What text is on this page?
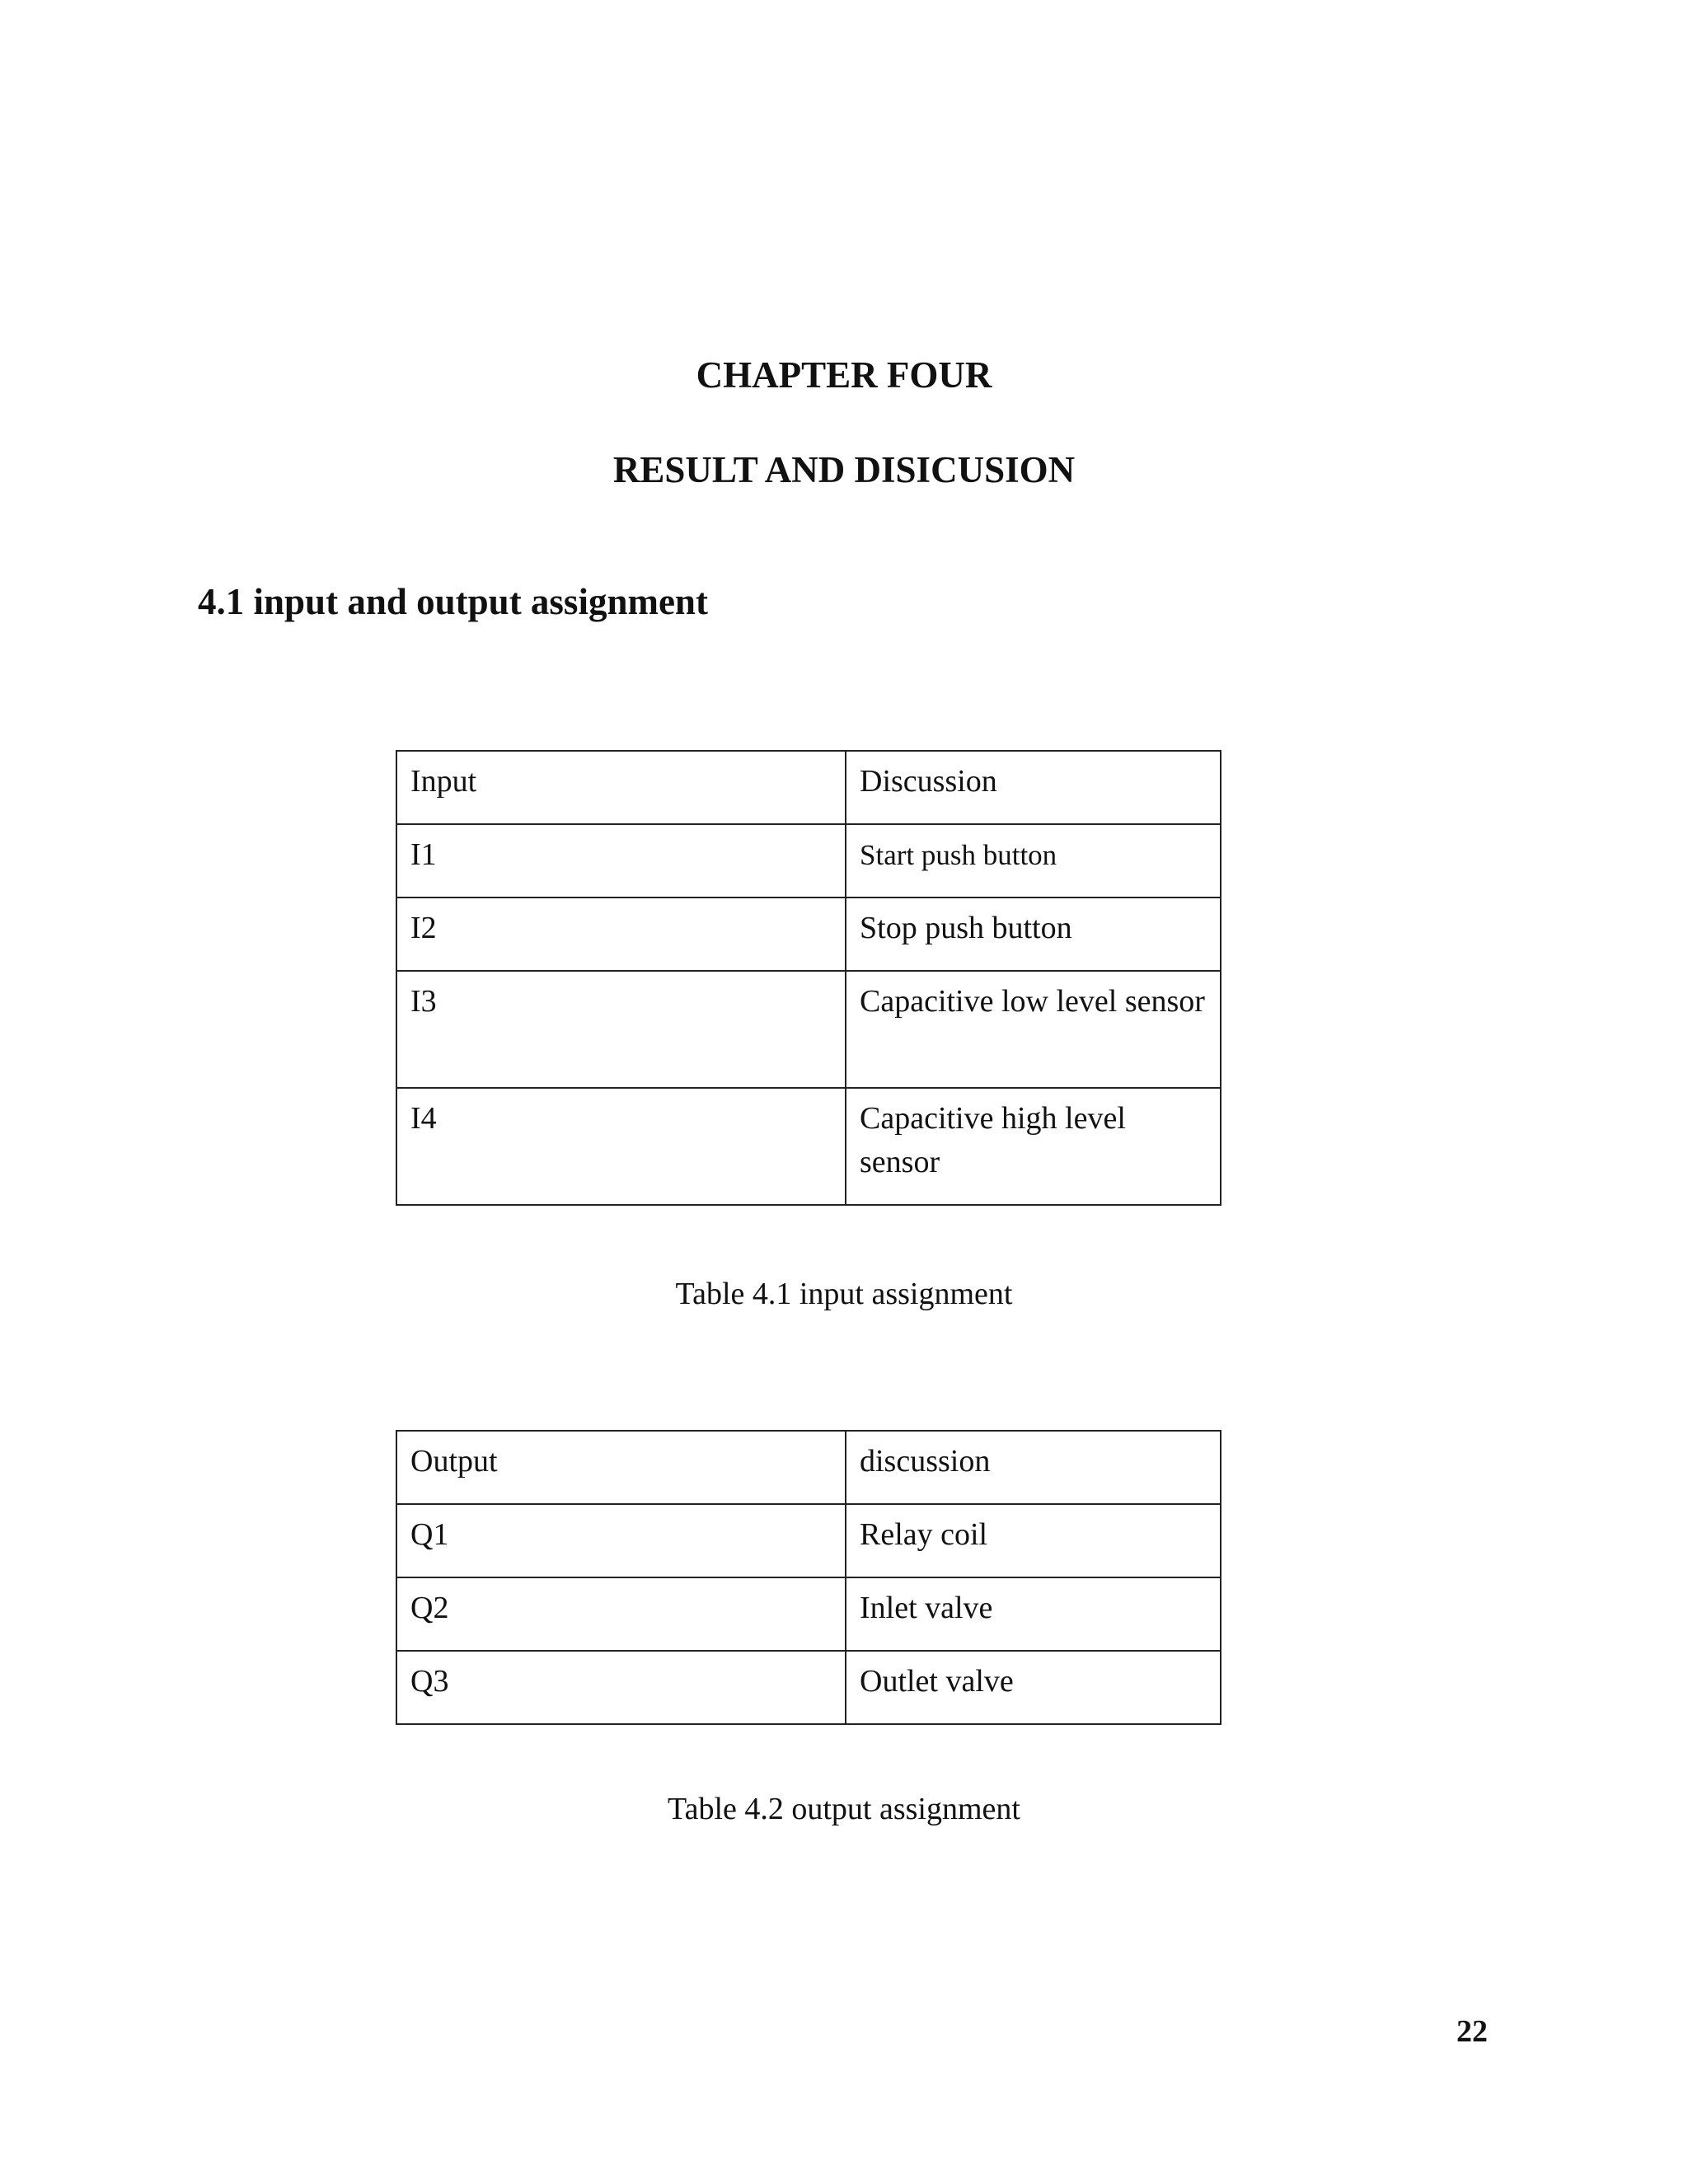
CHAPTER FOUR
RESULT AND DISICUSION
4.1 input and output assignment
Input	Discussion
I1	Start push button
I2	Stop push button
I3	Capacitive low level sensor
I4	Capacitive high level sensor

Table 4.1 input assignment

Output	discussion
Q1	Relay coil
Q2	Inlet valve
Q3	Outlet valve

Table 4.2 output assignment

22
